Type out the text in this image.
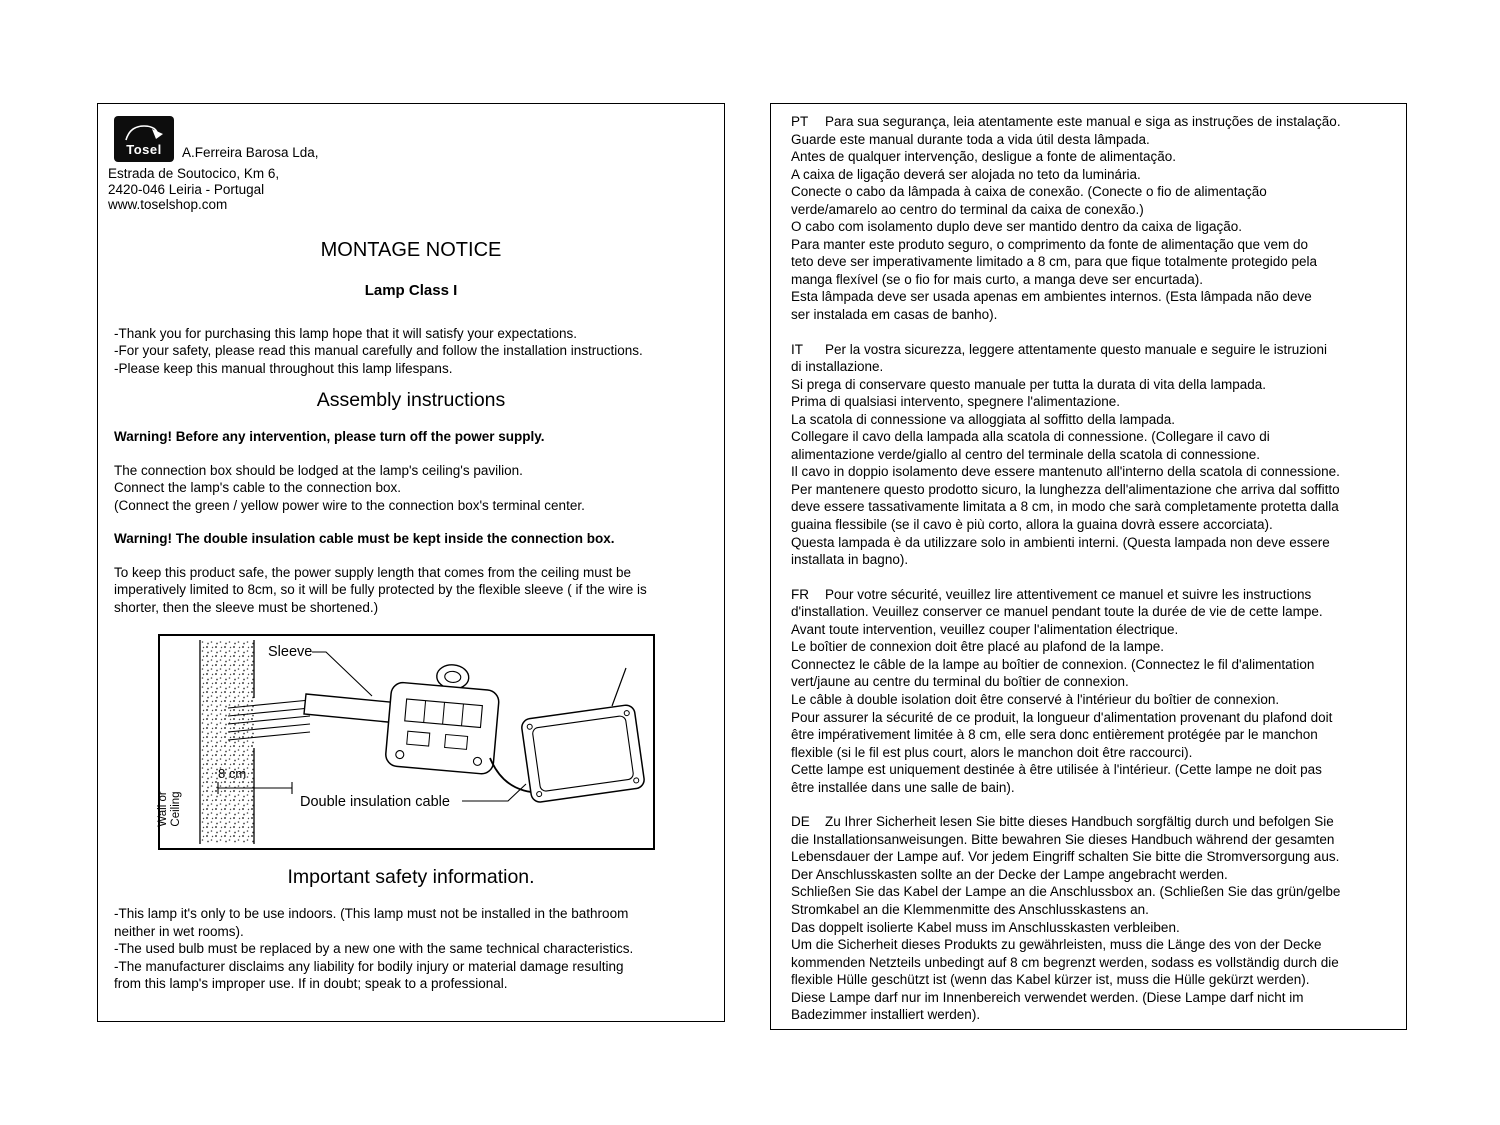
Tosel A.Ferreira Barosa Lda,
Estrada de Soutocico, Km 6,
2420-046 Leiria - Portugal
www.toselshop.com
MONTAGE NOTICE
Lamp Class I
-Thank you for purchasing this lamp hope that it will satisfy your expectations.
-For your safety, please read this manual carefully and follow the installation instructions.
-Please keep this manual throughout this lamp lifespans.
Assembly instructions
Warning! Before any intervention, please turn off the power supply.
The connection box should be lodged at the lamp's ceiling's pavilion.
Connect the lamp's cable to the connection box.
(Connect the green / yellow power wire to the connection box's terminal center.
Warning! The double insulation cable must be kept inside the connection box.
To keep this product safe, the power supply length that comes from the ceiling must be
imperatively limited to 8cm, so it will be fully protected by the flexible sleeve ( if the wire is
shorter, then the sleeve must be shortened.)
Sleeve
8 cm
Double insulation cable
Wall or Ceiling
Important safety information.
-This lamp it's only to be use indoors. (This lamp must not be installed in the bathroom
neither in wet rooms).
-The used bulb must be replaced by a new one with the same technical characteristics.
-The manufacturer disclaims any liability for bodily injury or material damage resulting
from this lamp's improper use. If in doubt; speak to a professional.
PT Para sua segurança, leia atentamente este manual e siga as instruções de instalação.
Guarde este manual durante toda a vida útil desta lâmpada.
Antes de qualquer intervenção, desligue a fonte de alimentação.
A caixa de ligação deverá ser alojada no teto da luminária.
Conecte o cabo da lâmpada à caixa de conexão. (Conecte o fio de alimentação
verde/amarelo ao centro do terminal da caixa de conexão.)
O cabo com isolamento duplo deve ser mantido dentro da caixa de ligação.
Para manter este produto seguro, o comprimento da fonte de alimentação que vem do
teto deve ser imperativamente limitado a 8 cm, para que fique totalmente protegido pela
manga flexível (se o fio for mais curto, a manga deve ser encurtada).
Esta lâmpada deve ser usada apenas em ambientes internos. (Esta lâmpada não deve
ser instalada em casas de banho).
IT Per la vostra sicurezza, leggere attentamente questo manuale e seguire le istruzioni
di installazione.
Si prega di conservare questo manuale per tutta la durata di vita della lampada.
Prima di qualsiasi intervento, spegnere l'alimentazione.
La scatola di connessione va alloggiata al soffitto della lampada.
Collegare il cavo della lampada alla scatola di connessione. (Collegare il cavo di
alimentazione verde/giallo al centro del terminale della scatola di connessione.
Il cavo in doppio isolamento deve essere mantenuto all'interno della scatola di connessione.
Per mantenere questo prodotto sicuro, la lunghezza dell'alimentazione che arriva dal soffitto
deve essere tassativamente limitata a 8 cm, in modo che sarà completamente protetta dalla
guaina flessibile (se il cavo è più corto, allora la guaina dovrà essere accorciata).
Questa lampada è da utilizzare solo in ambienti interni. (Questa lampada non deve essere
installata in bagno).
FR Pour votre sécurité, veuillez lire attentivement ce manuel et suivre les instructions
d'installation. Veuillez conserver ce manuel pendant toute la durée de vie de cette lampe.
Avant toute intervention, veuillez couper l'alimentation électrique.
Le boîtier de connexion doit être placé au plafond de la lampe.
Connectez le câble de la lampe au boîtier de connexion. (Connectez le fil d'alimentation
vert/jaune au centre du terminal du boîtier de connexion.
Le câble à double isolation doit être conservé à l'intérieur du boîtier de connexion.
Pour assurer la sécurité de ce produit, la longueur d'alimentation provenant du plafond doit
être impérativement limitée à 8 cm, elle sera donc entièrement protégée par le manchon
flexible (si le fil est plus court, alors le manchon doit être raccourci).
Cette lampe est uniquement destinée à être utilisée à l'intérieur. (Cette lampe ne doit pas
être installée dans une salle de bain).
DE Zu Ihrer Sicherheit lesen Sie bitte dieses Handbuch sorgfältig durch und befolgen Sie
die Installationsanweisungen. Bitte bewahren Sie dieses Handbuch während der gesamten
Lebensdauer der Lampe auf. Vor jedem Eingriff schalten Sie bitte die Stromversorgung aus.
Der Anschlusskasten sollte an der Decke der Lampe angebracht werden.
Schließen Sie das Kabel der Lampe an die Anschlussbox an. (Schließen Sie das grün/gelbe
Stromkabel an die Klemmenmitte des Anschlusskastens an.
Das doppelt isolierte Kabel muss im Anschlusskasten verbleiben.
Um die Sicherheit dieses Produkts zu gewährleisten, muss die Länge des von der Decke
kommenden Netzteils unbedingt auf 8 cm begrenzt werden, sodass es vollständig durch die
flexible Hülle geschützt ist (wenn das Kabel kürzer ist, muss die Hülle gekürzt werden).
Diese Lampe darf nur im Innenbereich verwendet werden. (Diese Lampe darf nicht im
Badezimmer installiert werden).
